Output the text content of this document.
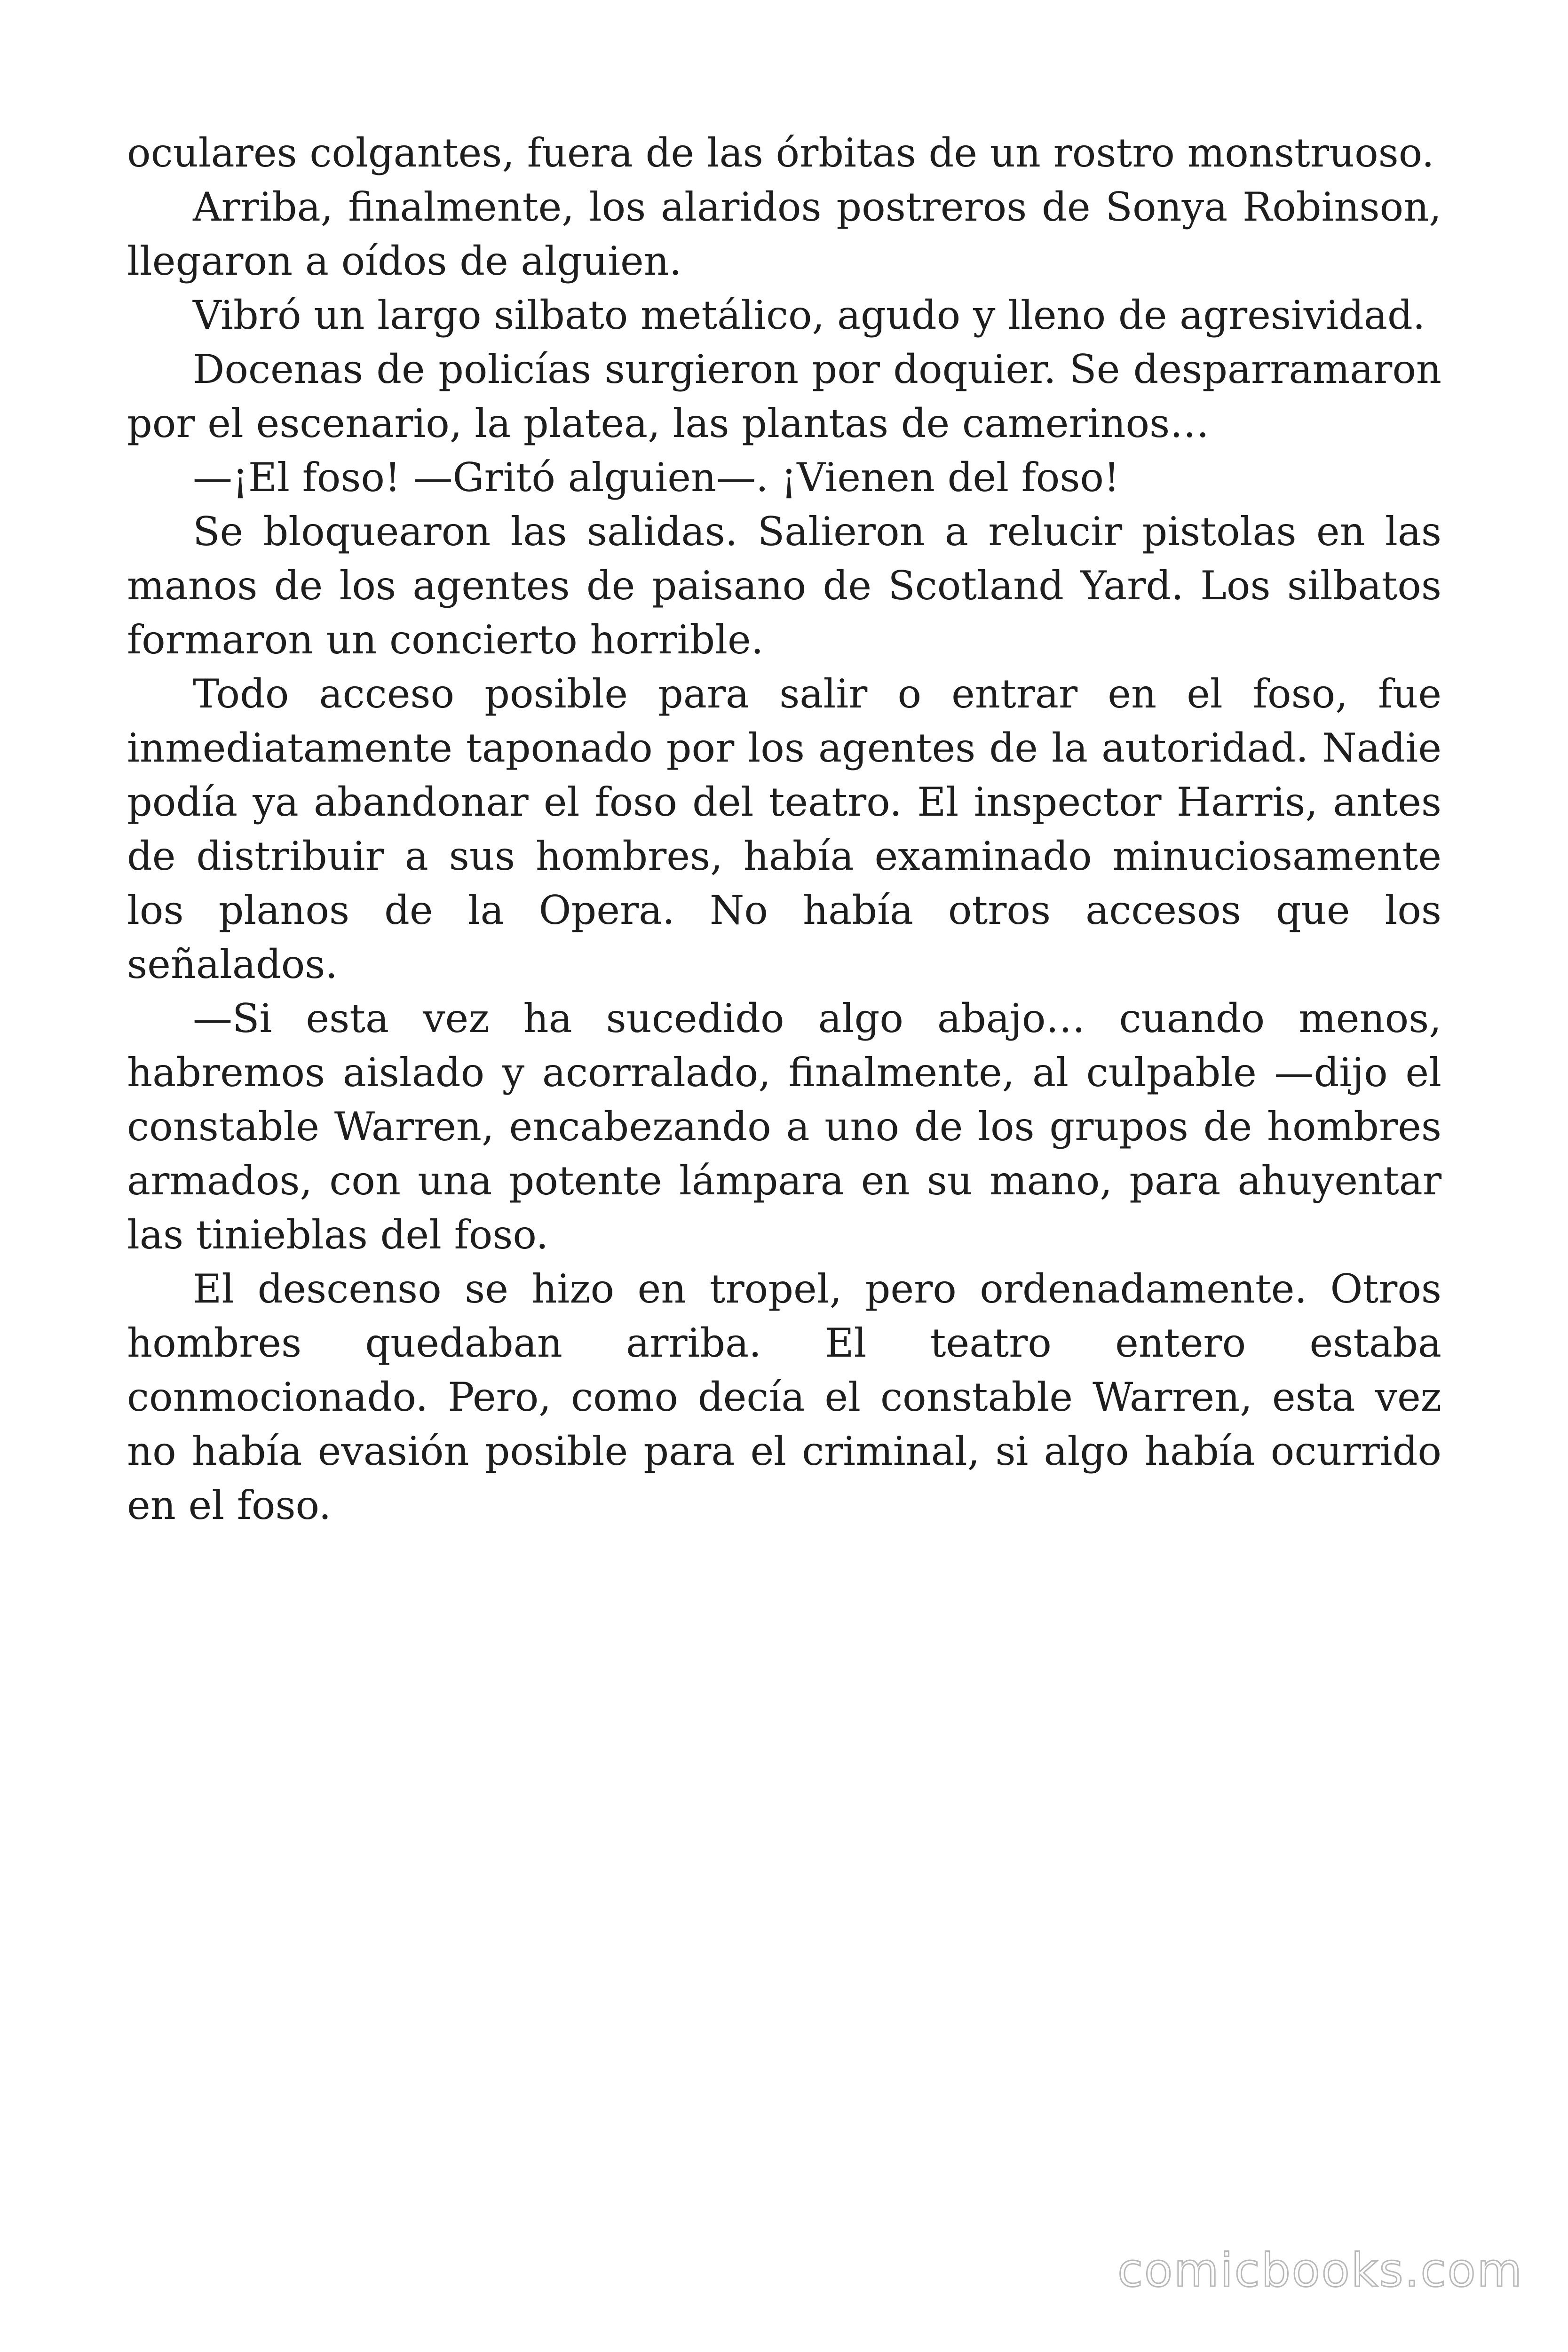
oculares colgantes, fuera de las órbitas de un rostro monstruoso.

Arriba, finalmente, los alaridos postreros de Sonya Robinson, llegaron a oídos de alguien.

Vibró un largo silbato metálico, agudo y lleno de agresividad.

Docenas de policías surgieron por doquier. Se desparramaron por el escenario, la platea, las plantas de camerinos…

—¡El foso! —Gritó alguien—. ¡Vienen del foso!

Se bloquearon las salidas. Salieron a relucir pistolas en las manos de los agentes de paisano de Scotland Yard. Los silbatos formaron un concierto horrible.

Todo acceso posible para salir o entrar en el foso, fue inmediatamente taponado por los agentes de la autoridad. Nadie podía ya abandonar el foso del teatro. El inspector Harris, antes de distribuir a sus hombres, había examinado minuciosamente los planos de la Opera. No había otros accesos que los señalados.

—Si esta vez ha sucedido algo abajo… cuando menos, habremos aislado y acorralado, finalmente, al culpable —dijo el constable Warren, encabezando a uno de los grupos de hombres armados, con una potente lámpara en su mano, para ahuyentar las tinieblas del foso.

El descenso se hizo en tropel, pero ordenadamente. Otros hombres quedaban arriba. El teatro entero estaba conmocionado. Pero, como decía el constable Warren, esta vez no había evasión posible para el criminal, si algo había ocurrido en el foso.

comicbooks.com
